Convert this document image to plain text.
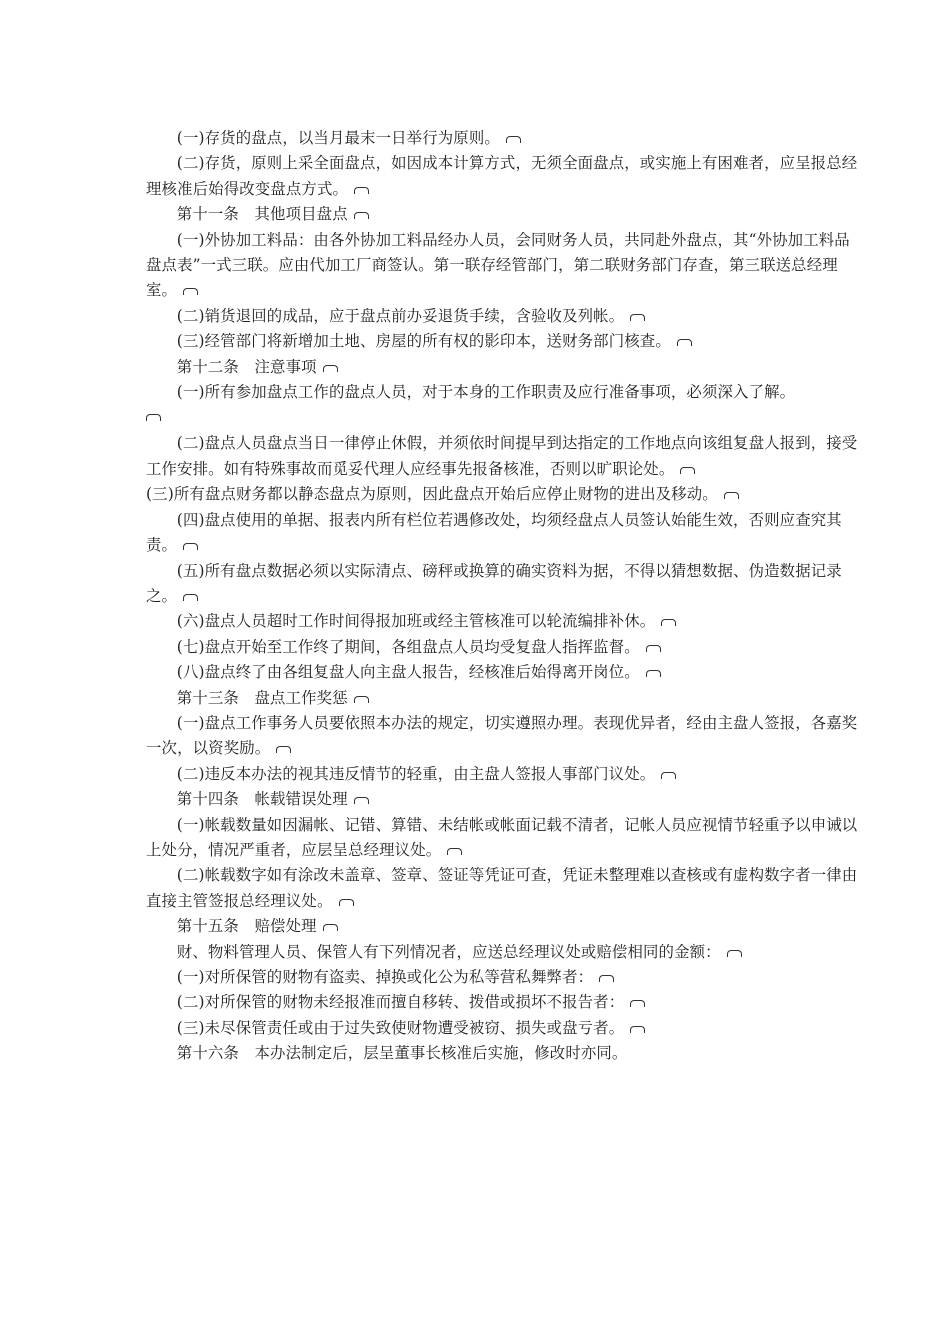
(一)存货的盘点，以当月最末一日举行为原则。

(二)存货，原则上采全面盘点，如因成本计算方式，无须全面盘点，或实施上有困难者，应呈报总经理核准后始得改变盘点方式。

第十一条　其他项目盘点

(一)外协加工料品：由各外协加工料品经办人员，会同财务人员，共同赴外盘点，其“外协加工料品盘点表”一式三联。应由代加工厂商签认。第一联存经管部门，第二联财务部门存查，第三联送总经理室。

(二)销货退回的成品，应于盘点前办妥退货手续，含验收及列帐。

(三)经管部门将新增加土地、房屋的所有权的影印本，送财务部门核查。

第十二条　注意事项

(一)所有参加盘点工作的盘点人员，对于本身的工作职责及应行准备事项，必须深入了解。

(二)盘点人员盘点当日一律停止休假，并须依时间提早到达指定的工作地点向该组复盘人报到，接受工作安排。如有特殊事故而觅妥代理人应经事先报备核准，否则以旷职论处。

(三)所有盘点财务都以静态盘点为原则，因此盘点开始后应停止财物的进出及移动。

(四)盘点使用的单据、报表内所有栏位若遇修改处，均须经盘点人员签认始能生效，否则应查究其责。

(五)所有盘点数据必须以实际清点、磅秤或换算的确实资料为据，不得以猜想数据、伪造数据记录之。

(六)盘点人员超时工作时间得报加班或经主管核准可以轮流编排补休。

(七)盘点开始至工作终了期间，各组盘点人员均受复盘人指挥监督。

(八)盘点终了由各组复盘人向主盘人报告，经核准后始得离开岗位。

第十三条　盘点工作奖惩

(一)盘点工作事务人员要依照本办法的规定，切实遵照办理。表现优异者，经由主盘人签报，各嘉奖一次，以资奖励。

(二)违反本办法的视其违反情节的轻重，由主盘人签报人事部门议处。

第十四条　帐载错误处理

(一)帐载数量如因漏帐、记错、算错、未结帐或帐面记载不清者，记帐人员应视情节轻重予以申诫以上处分，情况严重者，应层呈总经理议处。

(二)帐载数字如有涂改未盖章、签章、签证等凭证可查，凭证未整理难以查核或有虚构数字者一律由直接主管签报总经理议处。

第十五条　赔偿处理

财、物料管理人员、保管人有下列情况者，应送总经理议处或赔偿相同的金额：

(一)对所保管的财物有盗卖、掉换或化公为私等营私舞弊者：

(二)对所保管的财物未经报准而擅自移转、拨借或损坏不报告者：

(三)未尽保管责任或由于过失致使财物遭受被窃、损失或盘亏者。

第十六条　本办法制定后，层呈董事长核准后实施，修改时亦同。
